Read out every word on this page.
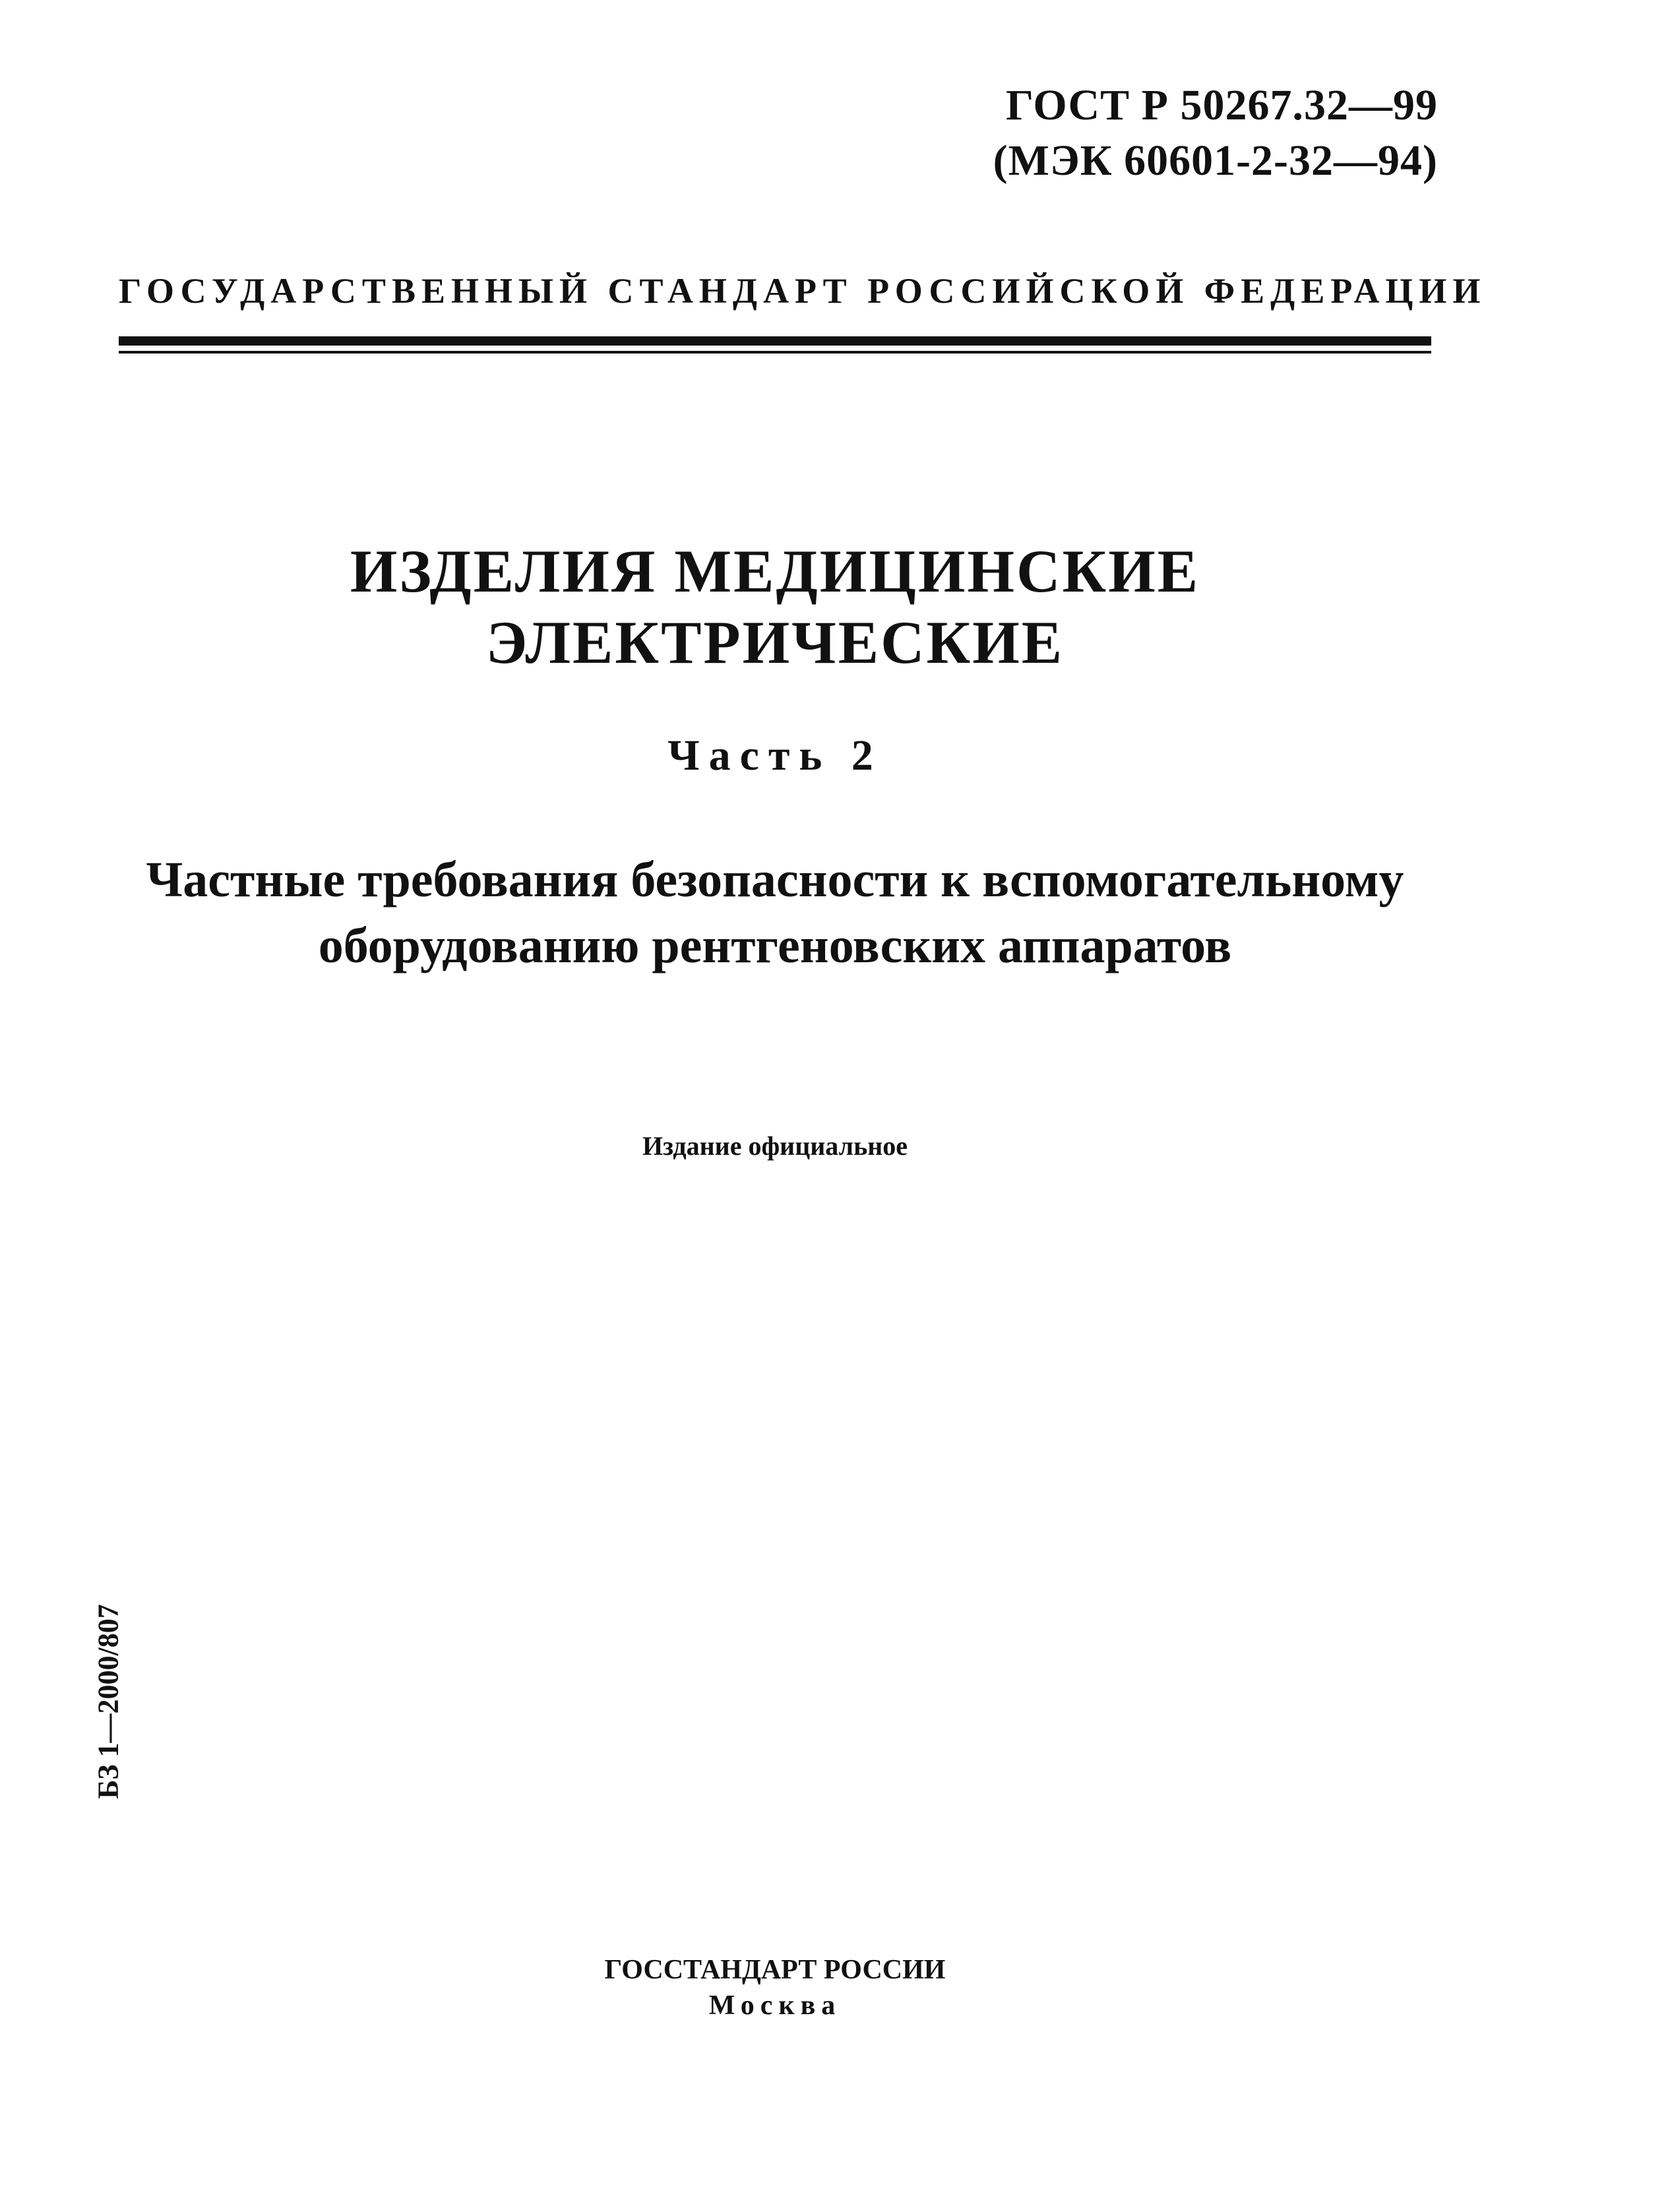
ГОСТ Р 50267.32—99
(МЭК 60601-2-32—94)
ГОСУДАРСТВЕННЫЙ СТАНДАРТ РОССИЙСКОЙ ФЕДЕРАЦИИ
ИЗДЕЛИЯ МЕДИЦИНСКИЕ
ЭЛЕКТРИЧЕСКИЕ
Часть 2
Частные требования безопасности к вспомогательному
оборудованию рентгеновских аппаратов
Издание официальное
БЗ 1—2000/807
ГОССТАНДАРТ РОССИИ
Москва
